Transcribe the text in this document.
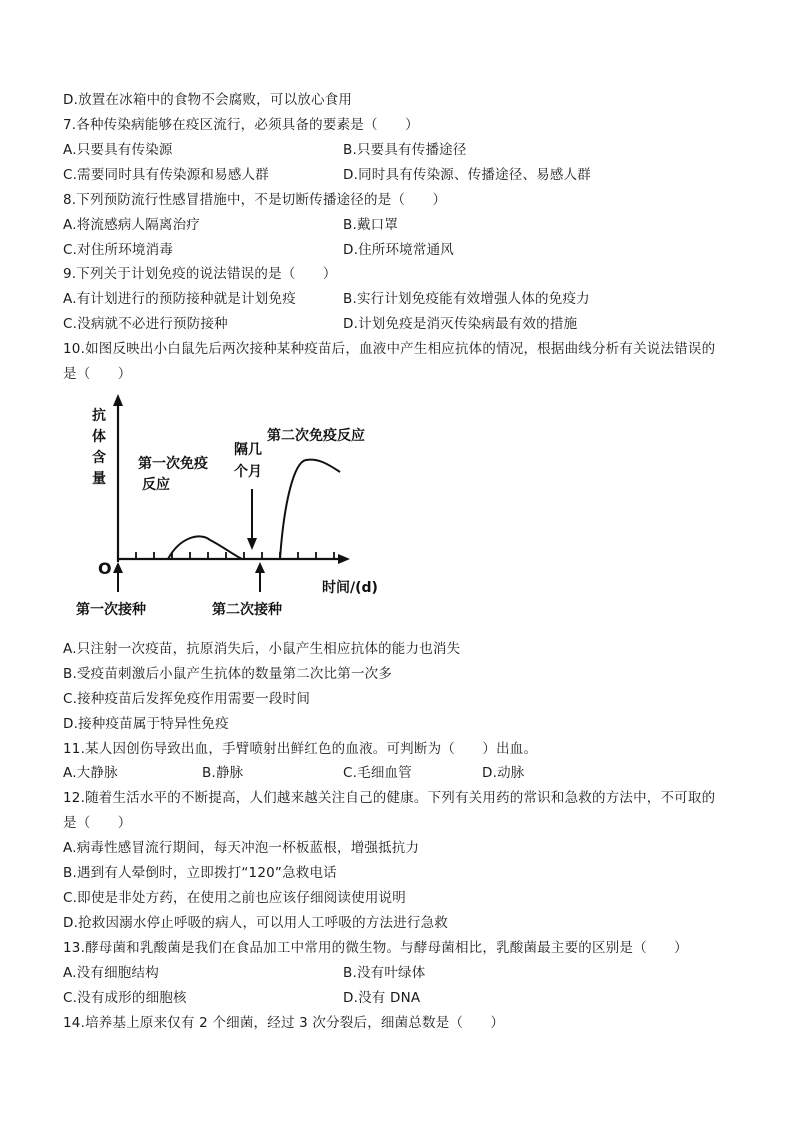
D.放置在冰箱中的食物不会腐败，可以放心食用
7.各种传染病能够在疫区流行，必须具备的要素是（　　）
A.只要具有传染源	B.只要具有传播途径
C.需要同时具有传染源和易感人群	D.同时具有传染源、传播途径、易感人群
8.下列预防流行性感冒措施中，不是切断传播途径的是（　　）
A.将流感病人隔离治疗	B.戴口罩
C.对住所环境消毒	D.住所环境常通风
9.下列关于计划免疫的说法错误的是（　　）
A.有计划进行的预防接种就是计划免疫	B.实行计划免疫能有效增强人体的免疫力
C.没病就不必进行预防接种	D.计划免疫是消灭传染病最有效的措施
10.如图反映出小白鼠先后两次接种某种疫苗后，血液中产生相应抗体的情况，根据曲线分析有关说法错误的
是（　　）
抗
体
含
量
O
时间/(d)
第一次免疫
反应
第二次免疫反应
隔几
个月
第一次接种	第二次接种
A.只注射一次疫苗，抗原消失后，小鼠产生相应抗体的能力也消失
B.受疫苗刺激后小鼠产生抗体的数量第二次比第一次多
C.接种疫苗后发挥免疫作用需要一段时间
D.接种疫苗属于特异性免疫
11.某人因创伤导致出血，手臂喷射出鲜红色的血液。可判断为（　　）出血。
A.大静脉	B.静脉	C.毛细血管	D.动脉
12.随着生活水平的不断提高，人们越来越关注自己的健康。下列有关用药的常识和急救的方法中，不可取的
是（　　）
A.病毒性感冒流行期间，每天冲泡一杯板蓝根，增强抵抗力
B.遇到有人晕倒时，立即拨打“120”急救电话
C.即使是非处方药，在使用之前也应该仔细阅读使用说明
D.抢救因溺水停止呼吸的病人，可以用人工呼吸的方法进行急救
13.酵母菌和乳酸菌是我们在食品加工中常用的微生物。与酵母菌相比，乳酸菌最主要的区别是（　　）
A.没有细胞结构	B.没有叶绿体
C.没有成形的细胞核	D.没有 DNA
14.培养基上原来仅有 2 个细菌，经过 3 次分裂后，细菌总数是（　　）
